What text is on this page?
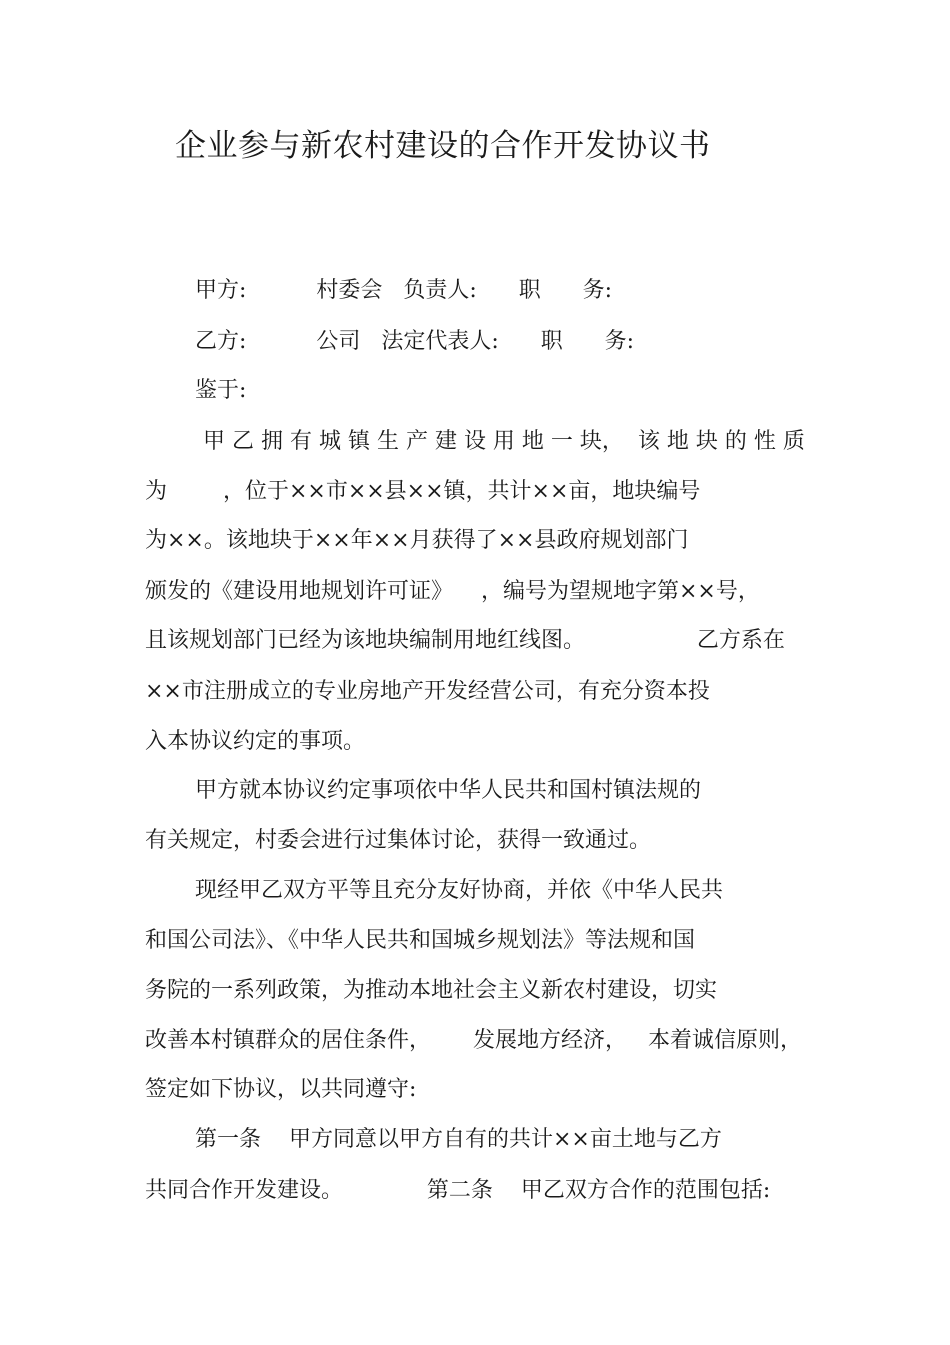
企业参与新农村建设的合作开发协议书
甲方:          村委会   负责人:      职      务:
乙方:          公司   法定代表人:      职      务:
鉴于:
甲 乙 拥 有 城 镇 生 产 建 设 用 地 一 块，  该 地 块 的 性 质
为        ，位于××市××县××镇，共计××亩，地块编号
为××。该地块于××年××月获得了××县政府规划部门
颁发的《建设用地规划许可证》    ，编号为望规地字第××号，
且该规划部门已经为该地块编制用地红线图。                乙方系在
××市注册成立的专业房地产开发经营公司，有充分资本投
入本协议约定的事项。
甲方就本协议约定事项依中华人民共和国村镇法规的
有关规定，村委会进行过集体讨论，获得一致通过。
现经甲乙双方平等且充分友好协商，并依《中华人民共
和国公司法》、《中华人民共和国城乡规划法》等法规和国
务院的一系列政策，为推动本地社会主义新农村建设，切实
改善本村镇群众的居住条件，      发展地方经济，   本着诚信原则，
签定如下协议，以共同遵守:
第一条    甲方同意以甲方自有的共计××亩土地与乙方
共同合作开发建设。            第二条    甲乙双方合作的范围包括:
